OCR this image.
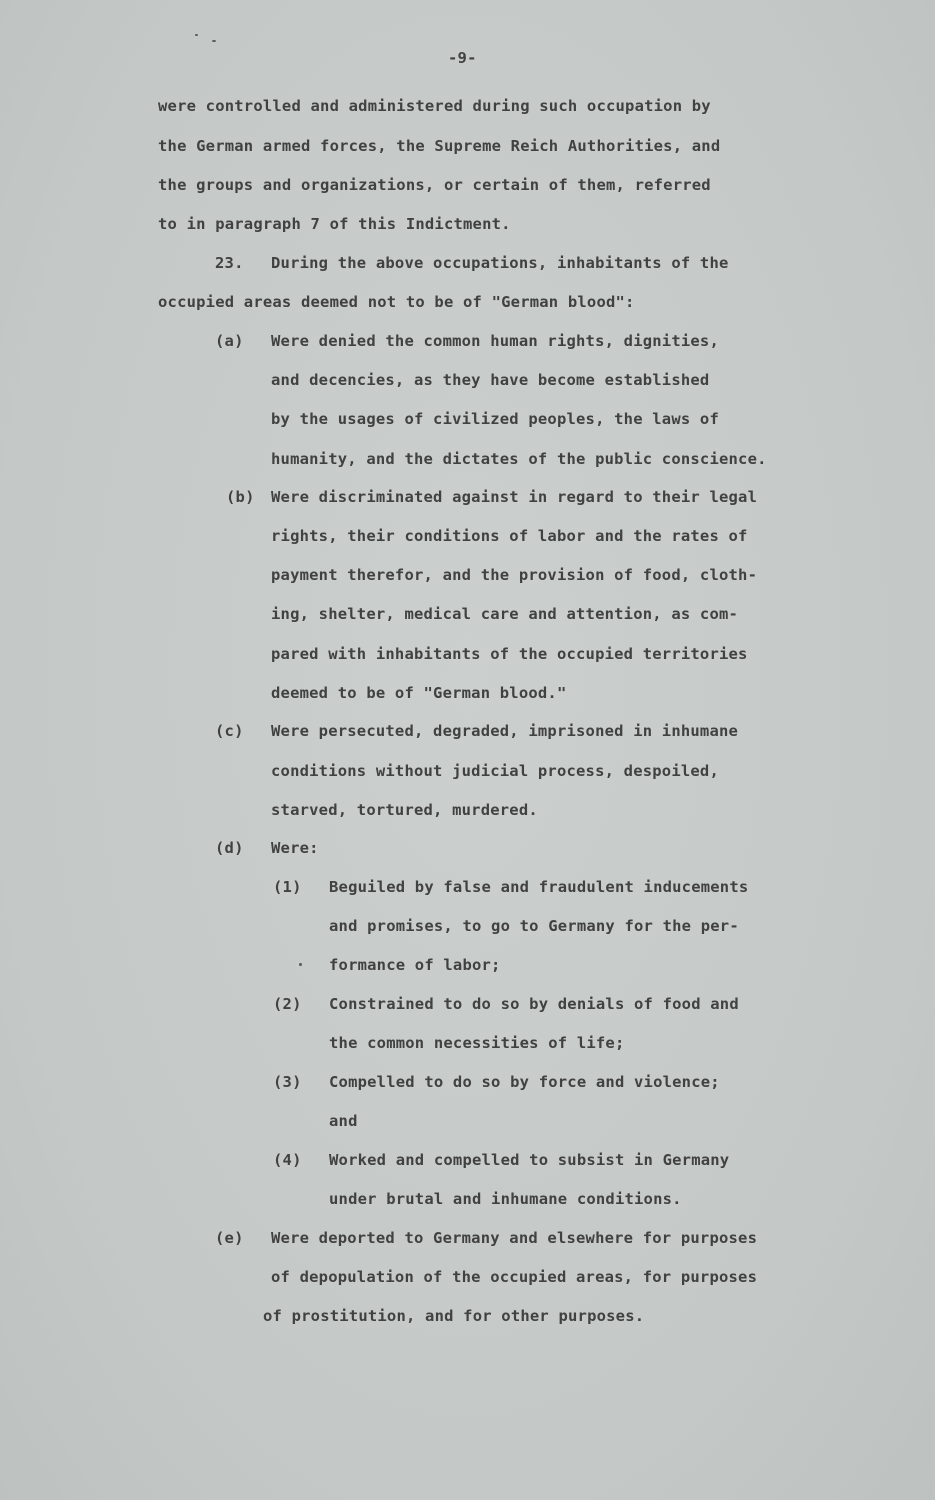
-9-
were controlled and administered during such occupation by
the German armed forces, the Supreme Reich Authorities, and
the groups and organizations, or certain of them, referred
to in paragraph 7 of this Indictment.
23. During the above occupations, inhabitants of the
occupied areas deemed not to be of "German blood":
(a) Were denied the common human rights, dignities,
and decencies, as they have become established
by the usages of civilized peoples, the laws of
humanity, and the dictates of the public conscience.
(b) Were discriminated against in regard to their legal
rights, their conditions of labor and the rates of
payment therefor, and the provision of food, cloth-
ing, shelter, medical care and attention, as com-
pared with inhabitants of the occupied territories
deemed to be of "German blood."
(c) Were persecuted, degraded, imprisoned in inhumane
conditions without judicial process, despoiled,
starved, tortured, murdered.
(d) Were:
(1) Beguiled by false and fraudulent inducements
and promises, to go to Germany for the per-
formance of labor;
(2) Constrained to do so by denials of food and
the common necessities of life;
(3) Compelled to do so by force and violence;
and
(4) Worked and compelled to subsist in Germany
under brutal and inhumane conditions.
(e) Were deported to Germany and elsewhere for purposes
of depopulation of the occupied areas, for purposes
of prostitution, and for other purposes.
